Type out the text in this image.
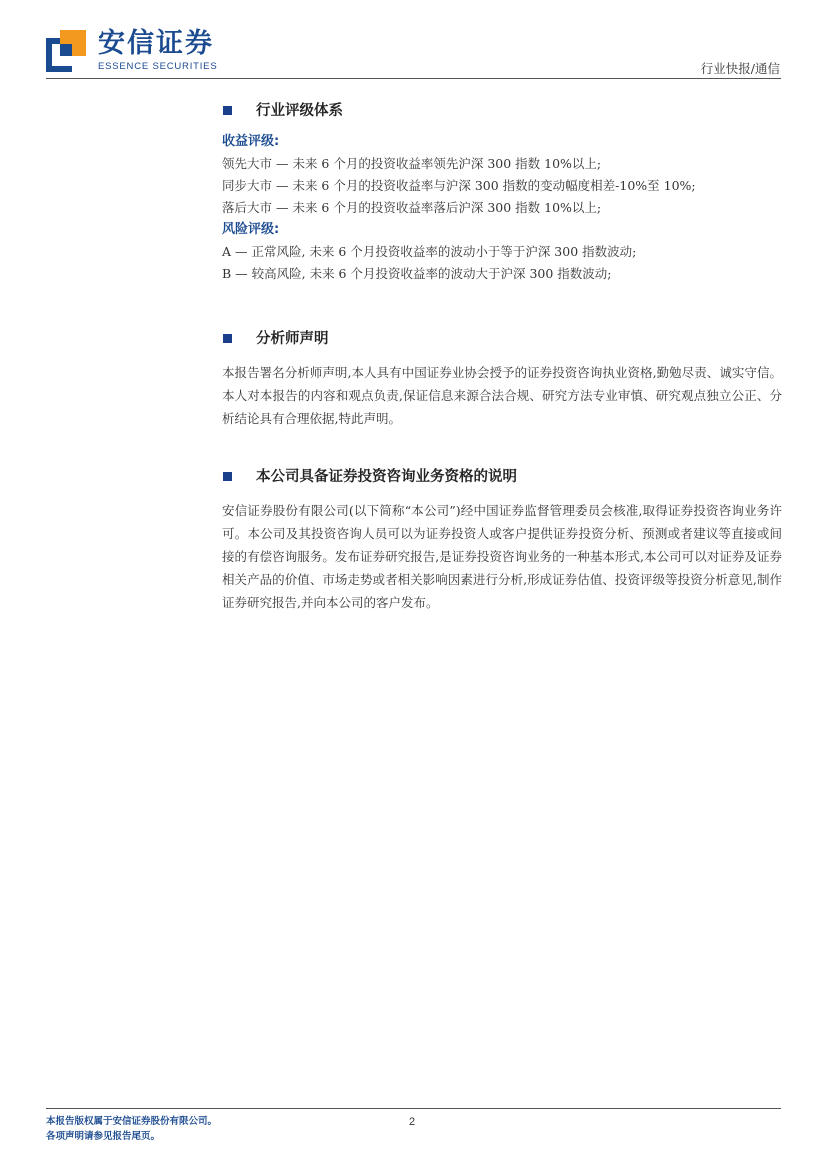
安信证券
ESSENCE SECURITIES	行业快报/通信
行业评级体系
收益评级:
领先大市 — 未来 6 个月的投资收益率领先沪深 300 指数 10%以上;
同步大市 — 未来 6 个月的投资收益率与沪深 300 指数的变动幅度相差-10%至 10%;
落后大市 — 未来 6 个月的投资收益率落后沪深 300 指数 10%以上;
风险评级:
A — 正常风险, 未来 6 个月投资收益率的波动小于等于沪深 300 指数波动;
B — 较高风险, 未来 6 个月投资收益率的波动大于沪深 300 指数波动;
分析师声明
本报告署名分析师声明,本人具有中国证券业协会授予的证券投资咨询执业资格,勤勉尽责、诚实守信。本人对本报告的内容和观点负责,保证信息来源合法合规、研究方法专业审慎、研究观点独立公正、分析结论具有合理依据,特此声明。
本公司具备证券投资咨询业务资格的说明
安信证券股份有限公司(以下简称“本公司”)经中国证券监督管理委员会核准,取得证券投资咨询业务许可。本公司及其投资咨询人员可以为证券投资人或客户提供证券投资分析、预测或者建议等直接或间接的有偿咨询服务。发布证券研究报告,是证券投资咨询业务的一种基本形式,本公司可以对证券及证券相关产品的价值、市场走势或者相关影响因素进行分析,形成证券估值、投资评级等投资分析意见,制作证券研究报告,并向本公司的客户发布。
本报告版权属于安信证券股份有限公司。
各项声明请参见报告尾页。
2
